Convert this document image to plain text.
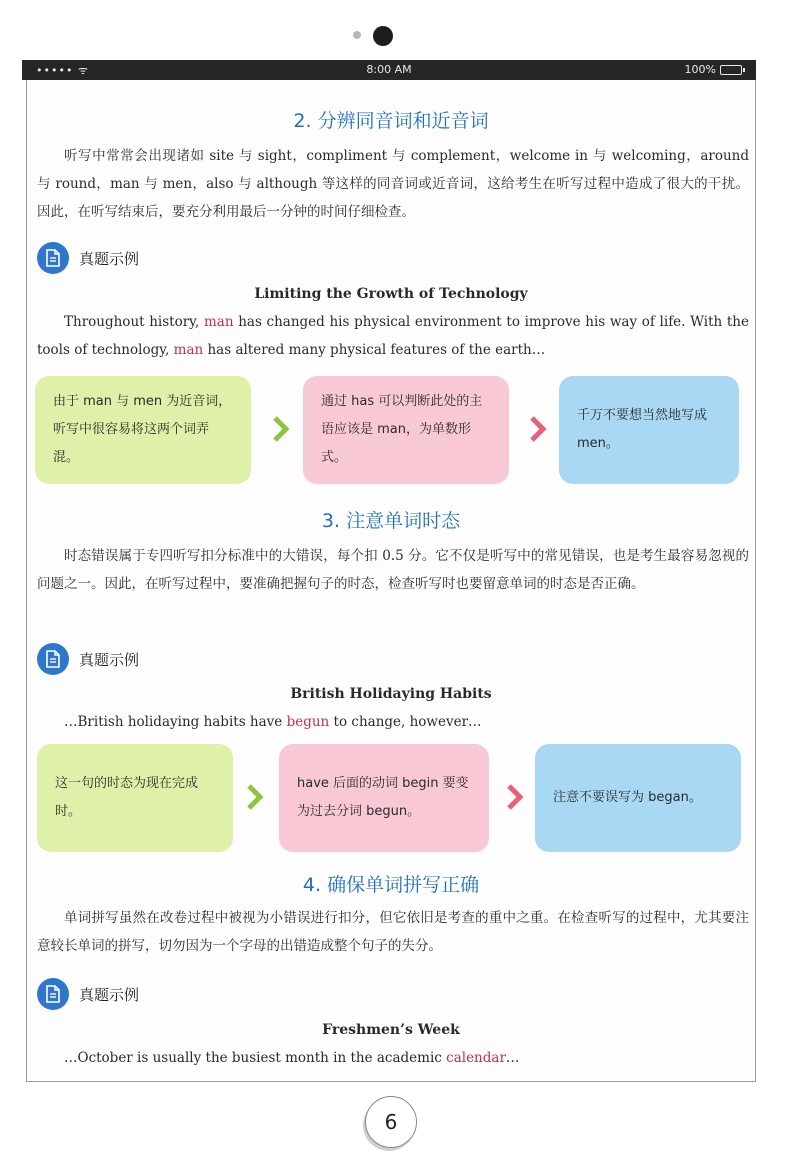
••••• ᯤ	8:00 AM	100%
2. 分辨同音词和近音词
听写中常常会出现诸如 site 与 sight，compliment 与 complement，welcome in 与 welcoming，around 与 round，man 与 men，also 与 although 等这样的同音词或近音词，这给考生在听写过程中造成了很大的干扰。因此，在听写结束后，要充分利用最后一分钟的时间仔细检查。
真题示例
Limiting the Growth of Technology
Throughout history, man has changed his physical environment to improve his way of life. With the tools of technology, man has altered many physical features of the earth…
由于 man 与 men 为近音词，听写中很容易将这两个词弄混。
通过 has 可以判断此处的主语应该是 man，为单数形式。
千万不要想当然地写成 men。
3. 注意单词时态
时态错误属于专四听写扣分标准中的大错误，每个扣 0.5 分。它不仅是听写中的常见错误，也是考生最容易忽视的问题之一。因此，在听写过程中，要准确把握句子的时态，检查听写时也要留意单词的时态是否正确。
真题示例
British Holidaying Habits
…British holidaying habits have begun to change, however…
这一句的时态为现在完成时。
have 后面的动词 begin 要变为过去分词 begun。
注意不要误写为 began。
4. 确保单词拼写正确
单词拼写虽然在改卷过程中被视为小错误进行扣分，但它依旧是考查的重中之重。在检查听写的过程中，尤其要注意较长单词的拼写，切勿因为一个字母的出错造成整个句子的失分。
真题示例
Freshmen’s Week
…October is usually the busiest month in the academic calendar…
6
